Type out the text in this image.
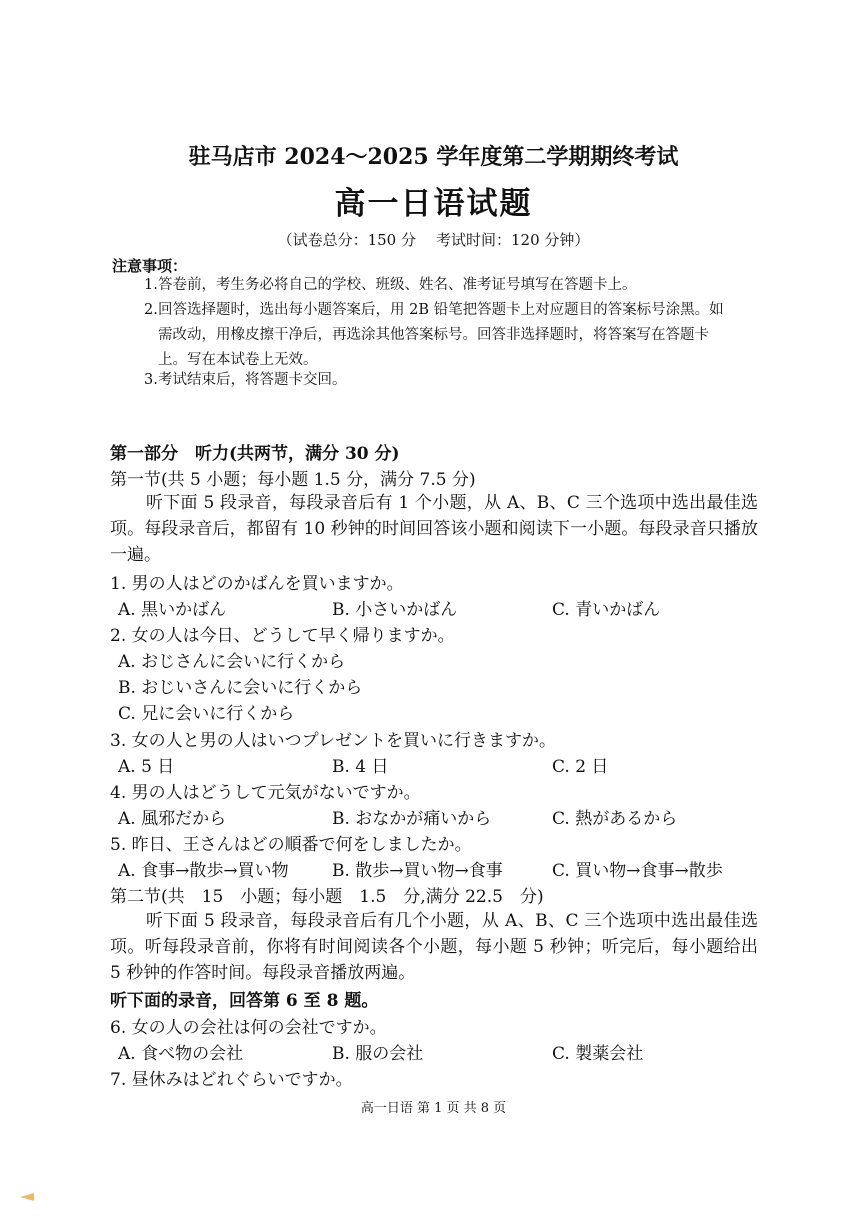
驻马店市 2024～2025 学年度第二学期期终考试
高一日语试题
（试卷总分：150 分 考试时间：120 分钟）
注意事项：
1.答卷前，考生务必将自己的学校、班级、姓名、准考证号填写在答题卡上。
2.回答选择题时，选出每小题答案后，用 2B 铅笔把答题卡上对应题目的答案标号涂黑。如
需改动，用橡皮擦干净后，再选涂其他答案标号。回答非选择题时，将答案写在答题卡
上。写在本试卷上无效。
3.考试结束后，将答题卡交回。
第一部分　听力(共两节，满分 30 分)
第一节(共 5 小题；每小题 1.5 分，满分 7.5 分)
听下面 5 段录音，每段录音后有 1 个小题，从 A、B、C 三个选项中选出最佳选项。每段录音后，都留有 10 秒钟的时间回答该小题和阅读下一小题。每段录音只播放一遍。
1. 男の人はどのかばんを買いますか。
A. 黒いかばん	B. 小さいかばん	C. 青いかばん
2. 女の人は今日、どうして早く帰りますか。
A. おじさんに会いに行くから
B. おじいさんに会いに行くから
C. 兄に会いに行くから
3. 女の人と男の人はいつプレゼントを買いに行きますか。
A. 5 日	B. 4 日	C. 2 日
4. 男の人はどうして元気がないですか。
A. 風邪だから	B. おなかが痛いから	C. 熱があるから
5. 昨日、王さんはどの順番で何をしましたか。
A. 食事→散歩→買い物	B. 散歩→買い物→食事	C. 買い物→食事→散歩
第二节(共　15　小题；每小题　1.5　分,满分 22.5　分)
听下面 5 段录音，每段录音后有几个小题，从 A、B、C 三个选项中选出最佳选项。听每段录音前，你将有时间阅读各个小题，每小题 5 秒钟；听完后，每小题给出 5 秒钟的作答时间。每段录音播放两遍。
听下面的录音，回答第 6 至 8 题。
6. 女の人の会社は何の会社ですか。
A. 食べ物の会社	B. 服の会社	C. 製薬会社
7. 昼休みはどれぐらいですか。
高一日语 第 1 页 共 8 页
